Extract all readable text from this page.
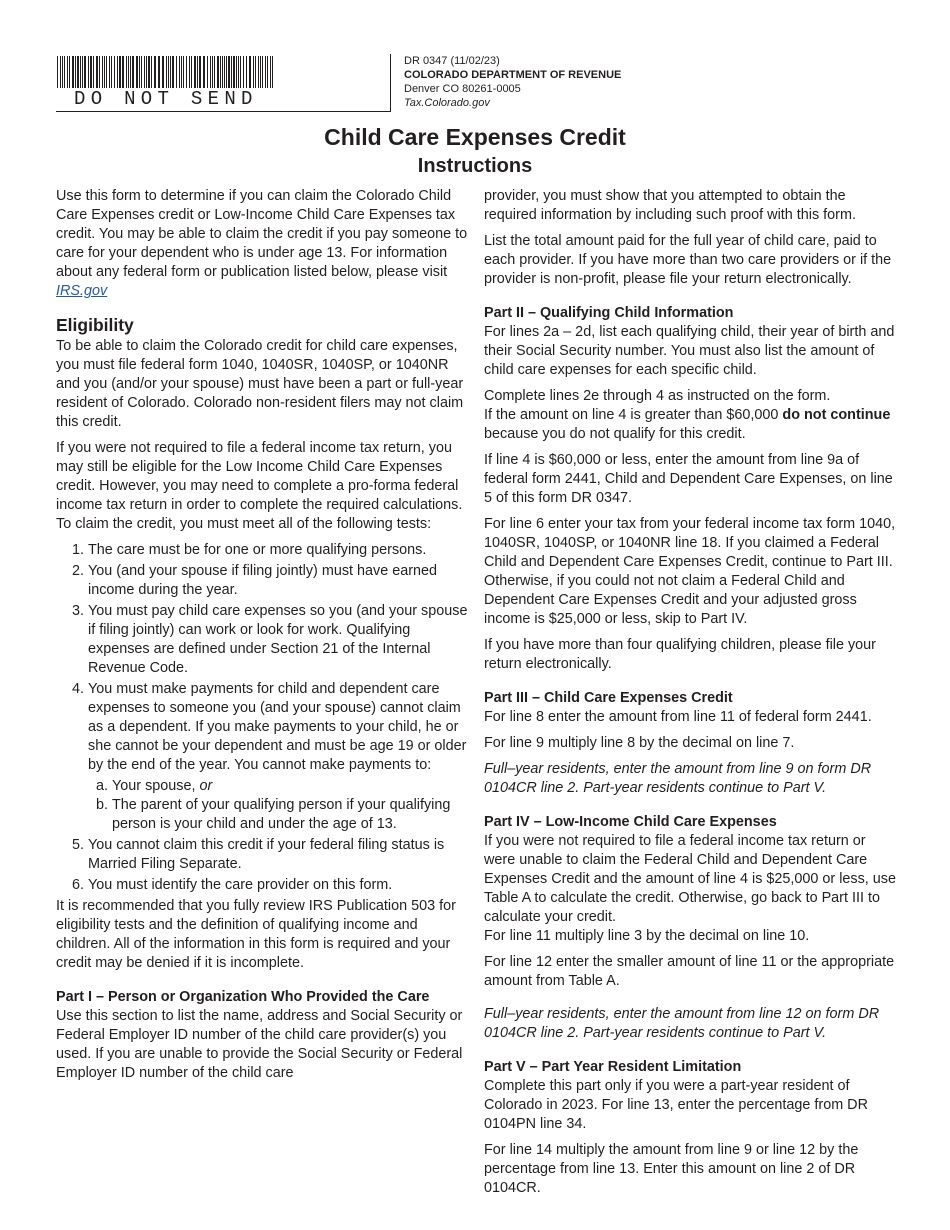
DO NOT SEND
DR 0347 (11/02/23)
COLORADO DEPARTMENT OF REVENUE
Denver CO 80261-0005
Tax.Colorado.gov
Child Care Expenses Credit
Instructions

Use this form to determine if you can claim the Colorado Child Care Expenses credit or Low-Income Child Care Expenses tax credit. You may be able to claim the credit if you pay someone to care for your dependent who is under age 13. For information about any federal form or publication listed below, please visit IRS.gov

Eligibility

To be able to claim the Colorado credit for child care expenses, you must file federal form 1040, 1040SR, 1040SP, or 1040NR and you (and/or your spouse) must have been a part or full-year resident of Colorado. Colorado non-resident filers may not claim this credit.

If you were not required to file a federal income tax return, you may still be eligible for the Low Income Child Care Expenses credit. However, you may need to complete a pro-forma federal income tax return in order to complete the required calculations. To claim the credit, you must meet all of the following tests:

1. The care must be for one or more qualifying persons.
2. You (and your spouse if filing jointly) must have earned income during the year.
3. You must pay child care expenses so you (and your spouse if filing jointly) can work or look for work. Qualifying expenses are defined under Section 21 of the Internal Revenue Code.
4. You must make payments for child and dependent care expenses to someone you (and your spouse) cannot claim as a dependent. If you make payments to your child, he or she cannot be your dependent and must be age 19 or older by the end of the year. You cannot make payments to:
a. Your spouse, or
b. The parent of your qualifying person if your qualifying person is your child and under the age of 13.
5. You cannot claim this credit if your federal filing status is Married Filing Separate.
6. You must identify the care provider on this form.

It is recommended that you fully review IRS Publication 503 for eligibility tests and the definition of qualifying income and children. All of the information in this form is required and your credit may be denied if it is incomplete.

Part I – Person or Organization Who Provided the Care

Use this section to list the name, address and Social Security or Federal Employer ID number of the child care provider(s) you used. If you are unable to provide the Social Security or Federal Employer ID number of the child care

provider, you must show that you attempted to obtain the required information by including such proof with this form.

List the total amount paid for the full year of child care, paid to each provider. If you have more than two care providers or if the provider is non-profit, please file your return electronically.

Part II – Qualifying Child Information

For lines 2a – 2d, list each qualifying child, their year of birth and their Social Security number. You must also list the amount of child care expenses for each specific child.

Complete lines 2e through 4 as instructed on the form.
If the amount on line 4 is greater than $60,000 do not continue because you do not qualify for this credit.

If line 4 is $60,000 or less, enter the amount from line 9a of federal form 2441, Child and Dependent Care Expenses, on line 5 of this form DR 0347.

For line 6 enter your tax from your federal income tax form 1040, 1040SR, 1040SP, or 1040NR line 18. If you claimed a Federal Child and Dependent Care Expenses Credit, continue to Part III. Otherwise, if you could not not claim a Federal Child and Dependent Care Expenses Credit and your adjusted gross income is $25,000 or less, skip to Part IV.

If you have more than four qualifying children, please file your return electronically.

Part III – Child Care Expenses Credit

For line 8 enter the amount from line 11 of federal form 2441.

For line 9 multiply line 8 by the decimal on line 7.

Full–year residents, enter the amount from line 9 on form DR 0104CR line 2. Part-year residents continue to Part V.

Part IV – Low-Income Child Care Expenses

If you were not required to file a federal income tax return or were unable to claim the Federal Child and Dependent Care Expenses Credit and the amount of line 4 is $25,000 or less, use Table A to calculate the credit. Otherwise, go back to Part III to calculate your credit.
For line 11 multiply line 3 by the decimal on line 10.

For line 12 enter the smaller amount of line 11 or the appropriate amount from Table A.

Full–year residents, enter the amount from line 12 on form DR 0104CR line 2. Part-year residents continue to Part V.

Part V – Part Year Resident Limitation

Complete this part only if you were a part-year resident of Colorado in 2023. For line 13, enter the percentage from DR 0104PN line 34.

For line 14 multiply the amount from line 9 or line 12 by the percentage from line 13. Enter this amount on line 2 of DR 0104CR.
